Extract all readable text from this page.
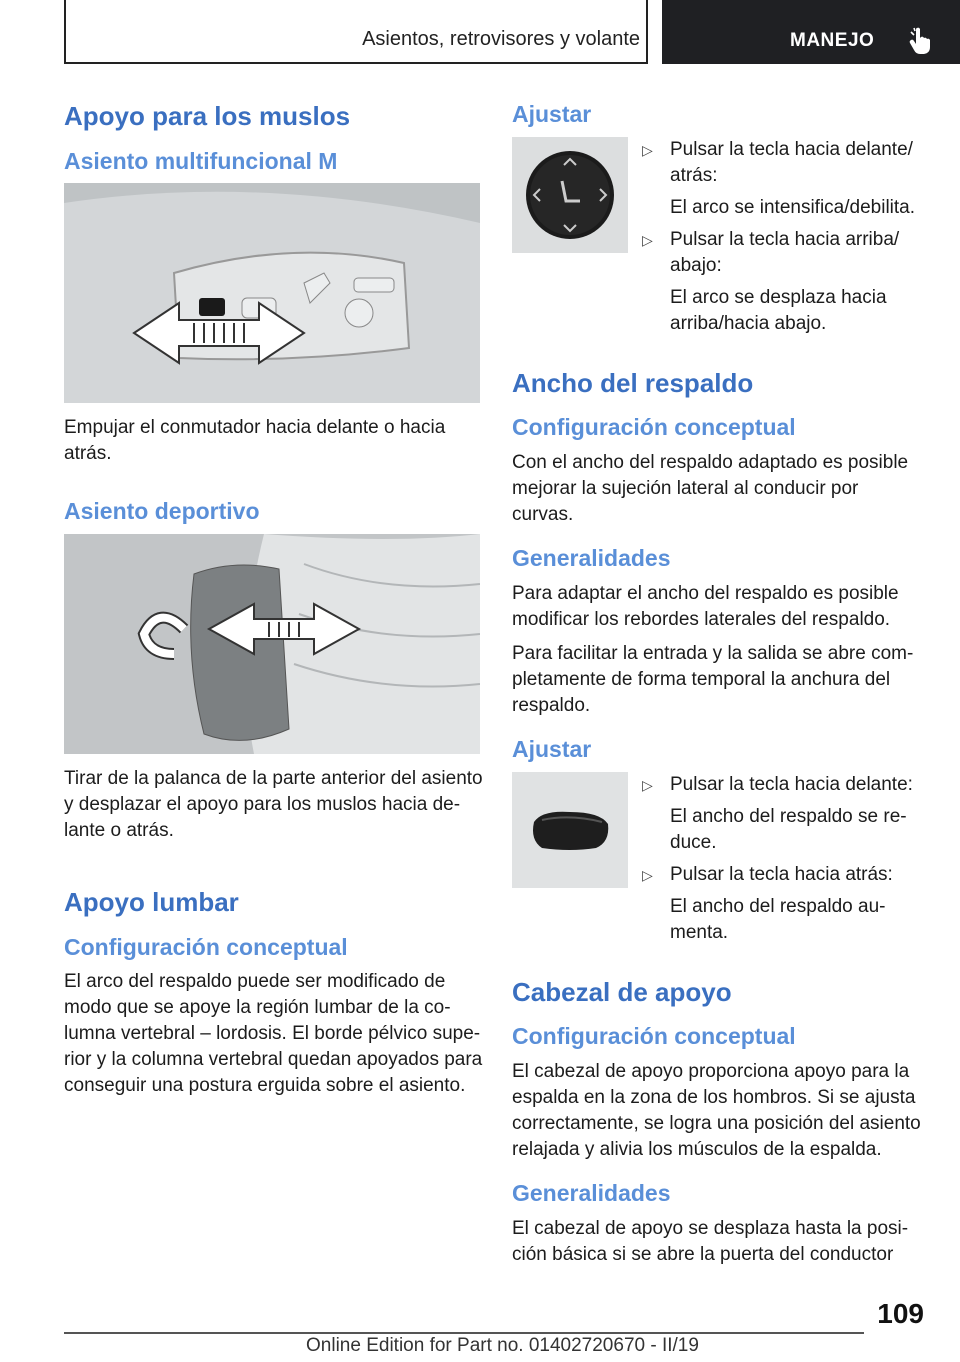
Asientos, retrovisores y volante	MANEJO
Apoyo para los muslos
Asiento multifuncional M

Empujar el conmutador hacia delante o hacia atrás.

Asiento deportivo

Tirar de la palanca de la parte anterior del asiento y desplazar el apoyo para los muslos hacia de‐lante o atrás.

Apoyo lumbar
Configuración conceptual

El arco del respaldo puede ser modificado de modo que se apoye la región lumbar de la co‐lumna vertebral – lordosis. El borde pélvico supe‐rior y la columna vertebral quedan apoyados para conseguir una postura erguida sobre el asiento.

Ajustar
▷ Pulsar la tecla hacia delante/ atrás:

El arco se intensifica/debilita.

▷ Pulsar la tecla hacia arriba/ abajo:

El arco se desplaza hacia arriba/hacia abajo.

Ancho del respaldo
Configuración conceptual

Con el ancho del respaldo adaptado es posible mejorar la sujeción lateral al conducir por curvas.

Generalidades

Para adaptar el ancho del respaldo es posible modificar los rebordes laterales del respaldo.

Para facilitar la entrada y la salida se abre com‐pletamente de forma temporal la anchura del respaldo.

Ajustar
▷ Pulsar la tecla hacia delante:

El ancho del respaldo se re‐duce.

▷ Pulsar la tecla hacia atrás:

El ancho del respaldo au‐menta.

Cabezal de apoyo
Configuración conceptual

El cabezal de apoyo proporciona apoyo para la espalda en la zona de los hombros. Si se ajusta correctamente, se logra una posición del asiento relajada y alivia los músculos de la espalda.

Generalidades

El cabezal de apoyo se desplaza hasta la posi‐ción básica si se abre la puerta del conductor

109
Online Edition for Part no. 01402720670 - II/19
